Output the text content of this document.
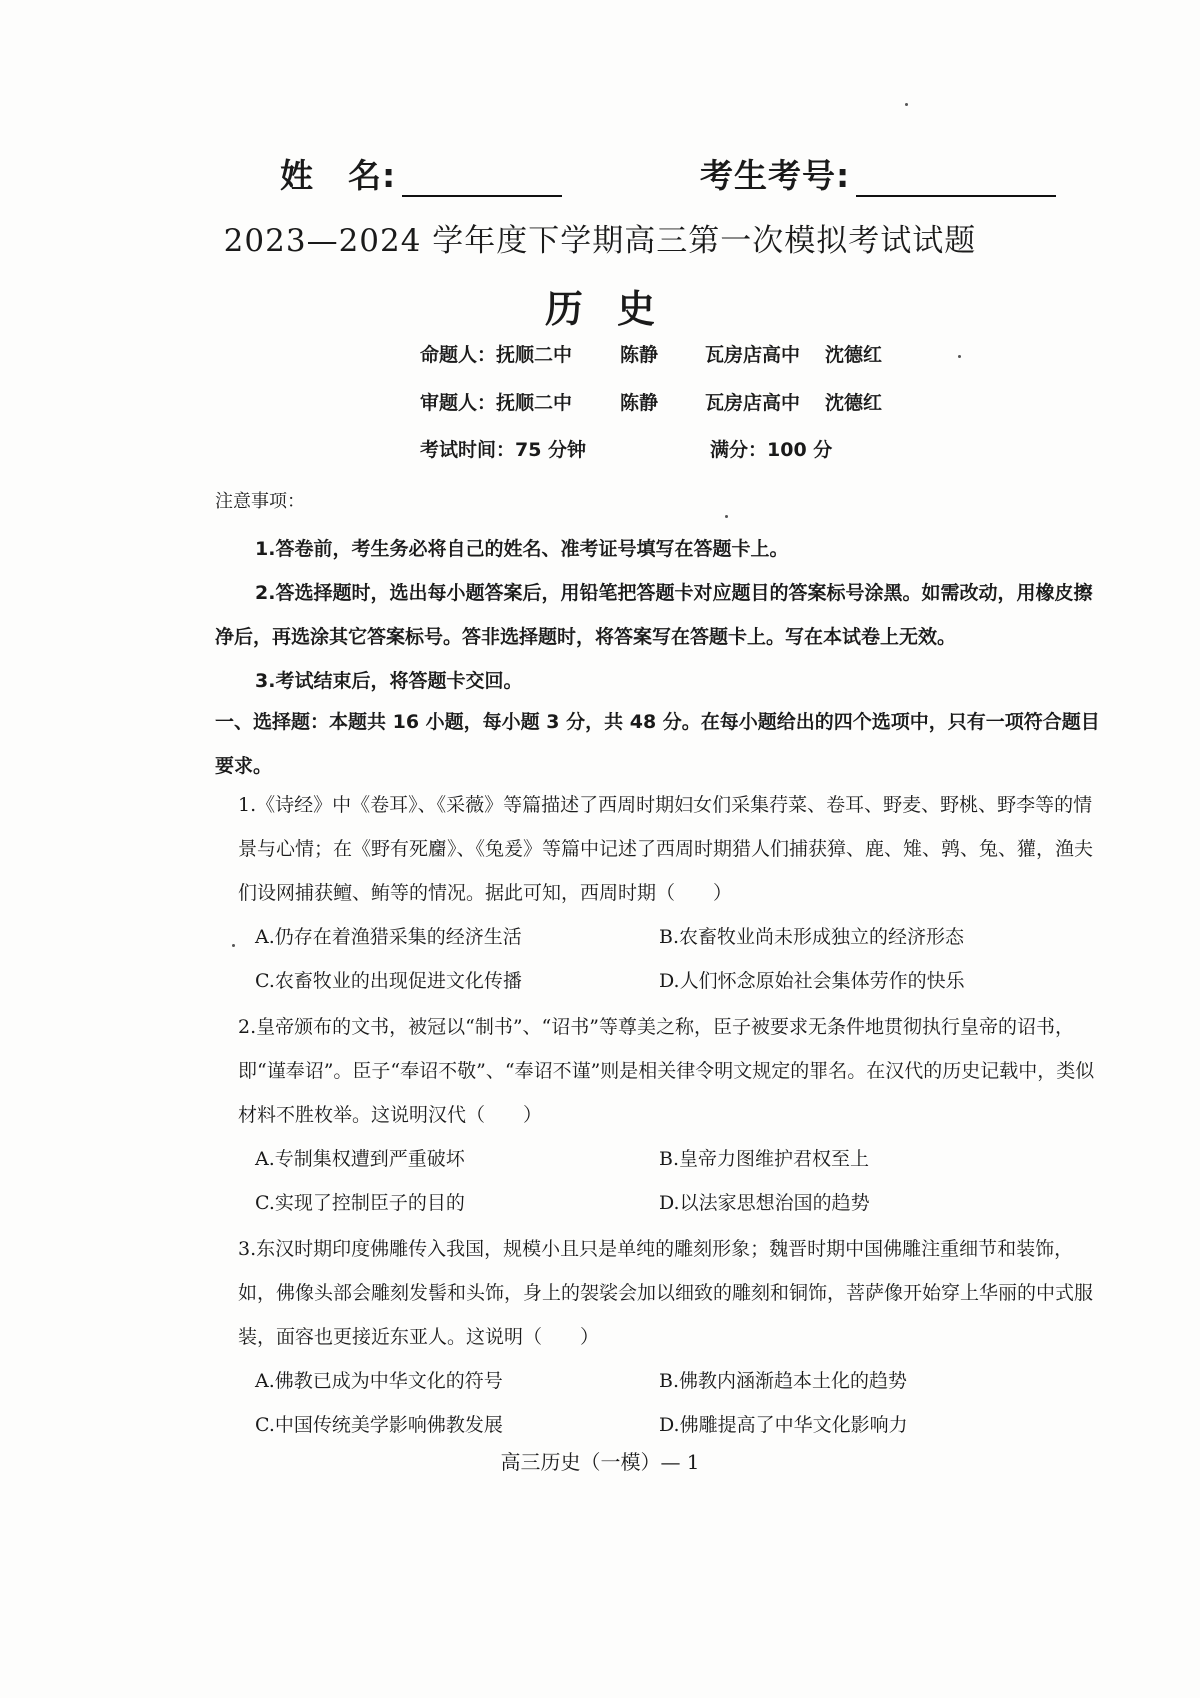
姓　名:	考生考号:
2023—2024 学年度下学期高三第一次模拟考试试题
历史
命题人：抚顺二中	陈静 瓦房店高中 沈德红
审题人：抚顺二中	陈静 瓦房店高中 沈德红
考试时间：75 分钟	满分：100 分
注意事项：
1.答卷前，考生务必将自己的姓名、准考证号填写在答题卡上。
2.答选择题时，选出每小题答案后，用铅笔把答题卡对应题目的答案标号涂黑。如需改动，用橡皮擦净后，再选涂其它答案标号。答非选择题时，将答案写在答题卡上。写在本试卷上无效。
3.考试结束后，将答题卡交回。
一、选择题：本题共 16 小题，每小题 3 分，共 48 分。在每小题给出的四个选项中，只有一项符合题目要求。
1.《诗经》中《卷耳》、《采薇》等篇描述了西周时期妇女们采集荇菜、卷耳、野麦、野桃、野李等的情景与心情；在《野有死麕》、《兔爰》等篇中记述了西周时期猎人们捕获獐、鹿、雉、鹑、兔、獾，渔夫们设网捕获鳣、鲔等的情况。据此可知，西周时期（　　）
A.仍存在着渔猎采集的经济生活	B.农畜牧业尚未形成独立的经济形态
C.农畜牧业的出现促进文化传播	D.人们怀念原始社会集体劳作的快乐
2.皇帝颁布的文书，被冠以“制书”、“诏书”等尊美之称，臣子被要求无条件地贯彻执行皇帝的诏书，即“谨奉诏”。臣子“奉诏不敬”、“奉诏不谨”则是相关律令明文规定的罪名。在汉代的历史记载中，类似材料不胜枚举。这说明汉代（　　）
A.专制集权遭到严重破坏	B.皇帝力图维护君权至上
C.实现了控制臣子的目的	D.以法家思想治国的趋势
3.东汉时期印度佛雕传入我国，规模小且只是单纯的雕刻形象；魏晋时期中国佛雕注重细节和装饰，如，佛像头部会雕刻发髻和头饰，身上的袈裟会加以细致的雕刻和铜饰，菩萨像开始穿上华丽的中式服装，面容也更接近东亚人。这说明（　　）
A.佛教已成为中华文化的符号	B.佛教内涵渐趋本土化的趋势
C.中国传统美学影响佛教发展	D.佛雕提高了中华文化影响力
高三历史（一模）— 1
